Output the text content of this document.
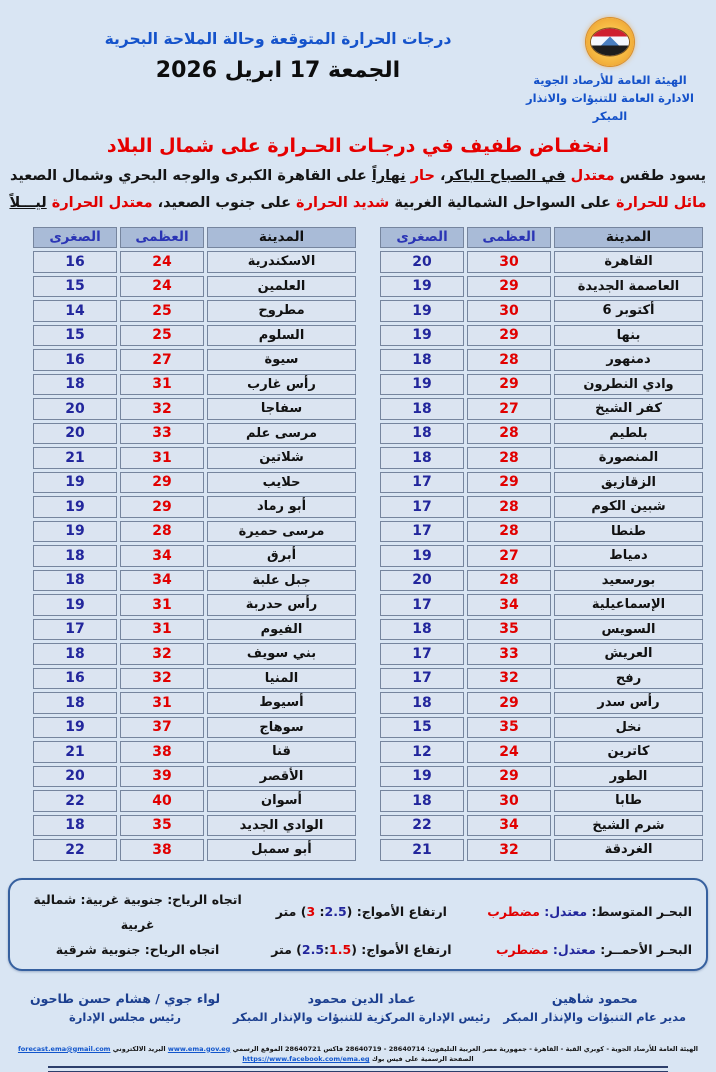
الهيئة العامة للأرصاد الجوية
الادارة العامة للتنبؤات والانذار المبكر
درجات الحرارة المتوقعة وحالة الملاحة البحرية
الجمعة 17 ابريل 2026
انخفـاض طفيف في درجـات الحـرارة على شمال البلاد
يسود طقس معتدل في الصباح الباكر، حار نهاراً على القاهرة الكبرى والوجه البحري وشمال الصعيد
مائل للحرارة على السواحل الشمالية الغربية شديد الحرارة على جنوب الصعيد، معتدل الحرارة ليـــلاً
المدينة	العظمى	الصغرى
القاهرة	30	20
العاصمة الجديدة	29	19
أكتوبر 6	30	19
بنها	29	19
دمنهور	28	18
وادي النطرون	29	19
كفر الشيخ	27	18
بلطيم	28	18
المنصورة	28	18
الزقازيق	29	17
شبين الكوم	28	17
طنطا	28	17
دمياط	27	19
بورسعيد	28	20
الإسماعيلية	34	17
السويس	35	18
العريش	33	17
رفح	32	17
رأس سدر	29	18
نخل	35	15
كاترين	24	12
الطور	29	19
طابا	30	18
شرم الشيخ	34	22
الغردقة	32	21
المدينة	العظمى	الصغرى
الاسكندرية	24	16
العلمين	24	15
مطروح	25	14
السلوم	25	15
سيوة	27	16
رأس غارب	31	18
سفاجا	32	20
مرسى علم	33	20
شلاتين	31	21
حلايب	29	19
أبو رماد	29	19
مرسى حميرة	28	19
أبرق	34	18
جبل علبة	34	18
رأس حدربة	31	19
الفيوم	31	17
بني سويف	32	18
المنيا	32	16
أسيوط	31	18
سوهاج	37	19
قنا	38	21
الأقصر	39	20
أسوان	40	22
الوادي الجديد	35	18
أبو سمبل	38	22
البحـر المتوسط: معتدل: مضطرب
ارتفاع الأمواج: (3 :2.5) متر
اتجاه الرياح: جنوبية غربية: شمالية غربية
البحـر الأحمــر: معتدل: مضطرب
ارتفاع الأمواج: (2.5:1.5) متر
اتجاه الرياح: جنوبية شرقية
محمود شاهين
مدير عام التنبؤات والإنذار المبكر
عماد الدين محمود
رئيس الإدارة المركزية للتنبؤات والإنذار المبكر
لواء جوي / هشام حسن طاحون
رئيس مجلس الإدارة
الهيئة العامة للأرصاد الجوية - كوبري القبة - القاهرة - جمهورية مصر العربية التليفون: 28640714 - 28640719 فاكس 28640721 الموقع الرسمي www.ema.gov.eg البريد الالكتروني forecast.ema@gmail.com الصفحة الرسمية على فيس بوك https://www.facebook.com/ema.eg
